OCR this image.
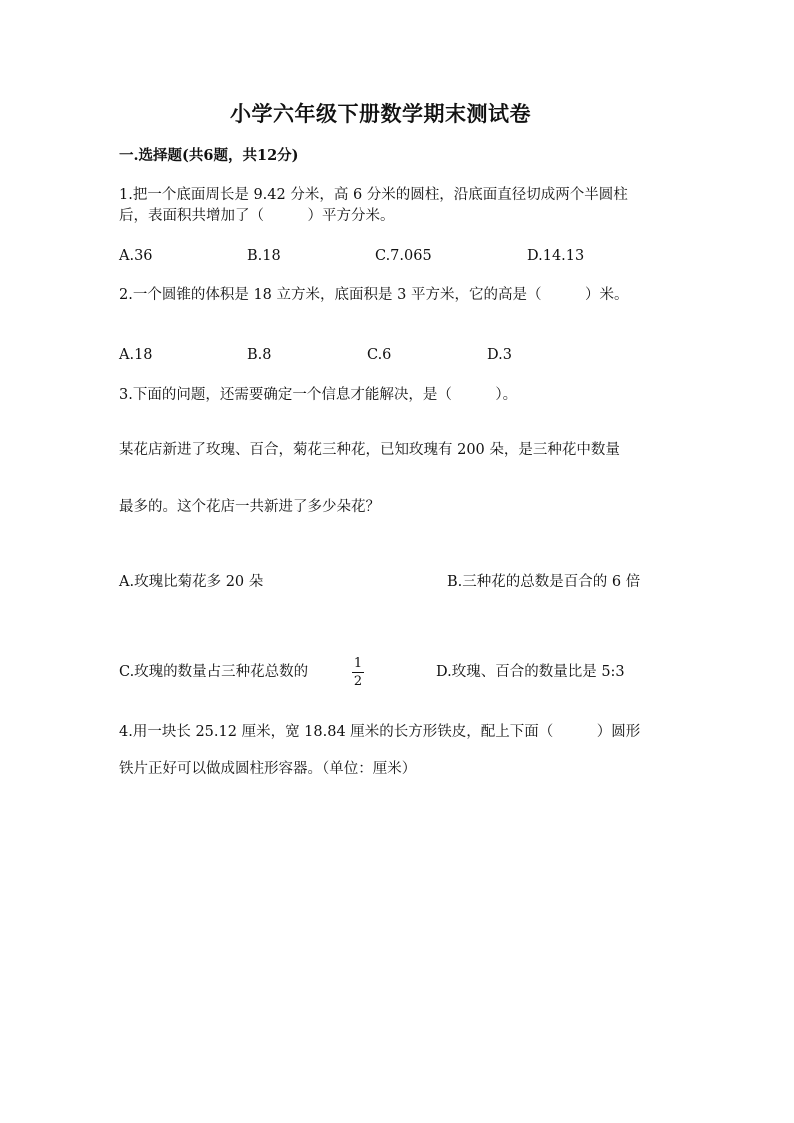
小学六年级下册数学期末测试卷
一.选择题(共6题，共12分)
1.把一个底面周长是 9.42 分米，高 6 分米的圆柱，沿底面直径切成两个半圆柱
后，表面积共增加了（　　　）平方分米。
A.36	B.18	C.7.065	D.14.13
2.一个圆锥的体积是 18 立方米，底面积是 3 平方米，它的高是（　　　）米。
A.18	B.8	C.6	D.3
3.下面的问题，还需要确定一个信息才能解决，是（　　　）。
某花店新进了玫瑰、百合，菊花三种花，已知玫瑰有 200 朵，是三种花中数量
最多的。这个花店一共新进了多少朵花？
A.玫瑰比菊花多 20 朵	B.三种花的总数是百合的 6 倍
C.玫瑰的数量占三种花总数的
1
2
D.玫瑰、百合的数量比是 5:3
4.用一块长 25.12 厘米，宽 18.84 厘米的长方形铁皮，配上下面（　　　）圆形
铁片正好可以做成圆柱形容器。（单位：厘米）
